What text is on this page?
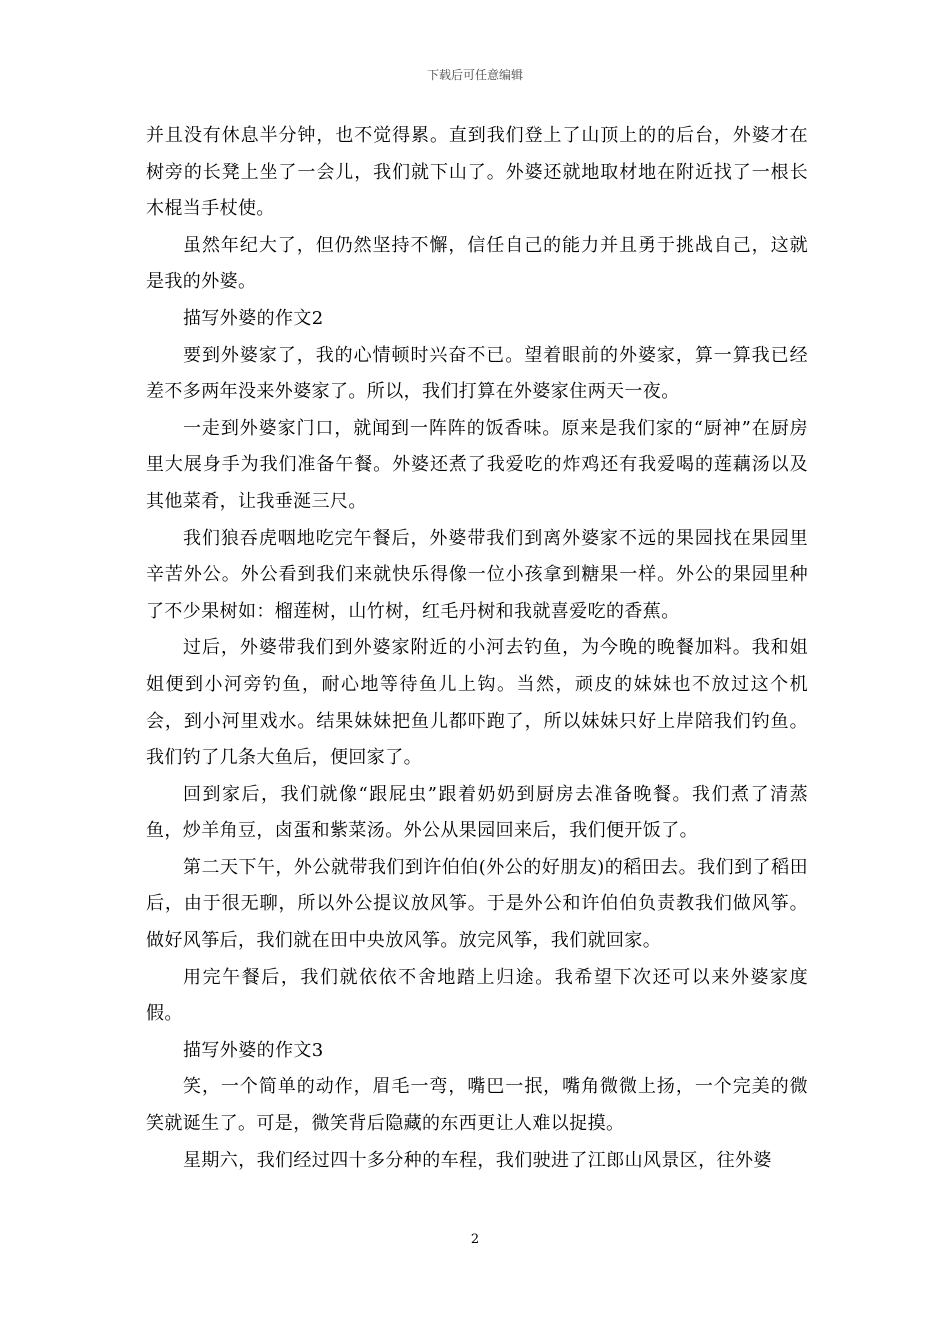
下载后可任意编辑

并且没有休息半分钟，也不觉得累。直到我们登上了山顶上的的后台，外婆才在树旁的长凳上坐了一会儿，我们就下山了。外婆还就地取材地在附近找了一根长木棍当手杖使。

虽然年纪大了，但仍然坚持不懈，信任自己的能力并且勇于挑战自己，这就是我的外婆。

描写外婆的作文2

要到外婆家了，我的心情顿时兴奋不已。望着眼前的外婆家，算一算我已经差不多两年没来外婆家了。所以，我们打算在外婆家住两天一夜。

一走到外婆家门口，就闻到一阵阵的饭香味。原来是我们家的“厨神”在厨房里大展身手为我们准备午餐。外婆还煮了我爱吃的炸鸡还有我爱喝的莲藕汤以及其他菜肴，让我垂涎三尺。

我们狼吞虎咽地吃完午餐后，外婆带我们到离外婆家不远的果园找在果园里辛苦外公。外公看到我们来就快乐得像一位小孩拿到糖果一样。外公的果园里种了不少果树如：榴莲树，山竹树，红毛丹树和我就喜爱吃的香蕉。

过后，外婆带我们到外婆家附近的小河去钓鱼，为今晚的晚餐加料。我和姐姐便到小河旁钓鱼，耐心地等待鱼儿上钩。当然，顽皮的妹妹也不放过这个机会，到小河里戏水。结果妹妹把鱼儿都吓跑了，所以妹妹只好上岸陪我们钓鱼。我们钓了几条大鱼后，便回家了。

回到家后，我们就像“跟屁虫”跟着奶奶到厨房去准备晚餐。我们煮了清蒸鱼，炒羊角豆，卤蛋和紫菜汤。外公从果园回来后，我们便开饭了。

第二天下午，外公就带我们到许伯伯(外公的好朋友)的稻田去。我们到了稻田后，由于很无聊，所以外公提议放风筝。于是外公和许伯伯负责教我们做风筝。做好风筝后，我们就在田中央放风筝。放完风筝，我们就回家。

用完午餐后，我们就依依不舍地踏上归途。我希望下次还可以来外婆家度假。

描写外婆的作文3

笑，一个简单的动作，眉毛一弯，嘴巴一抿，嘴角微微上扬，一个完美的微笑就诞生了。可是，微笑背后隐藏的东西更让人难以捉摸。

星期六，我们经过四十多分种的车程，我们驶进了江郎山风景区，往外婆

2
